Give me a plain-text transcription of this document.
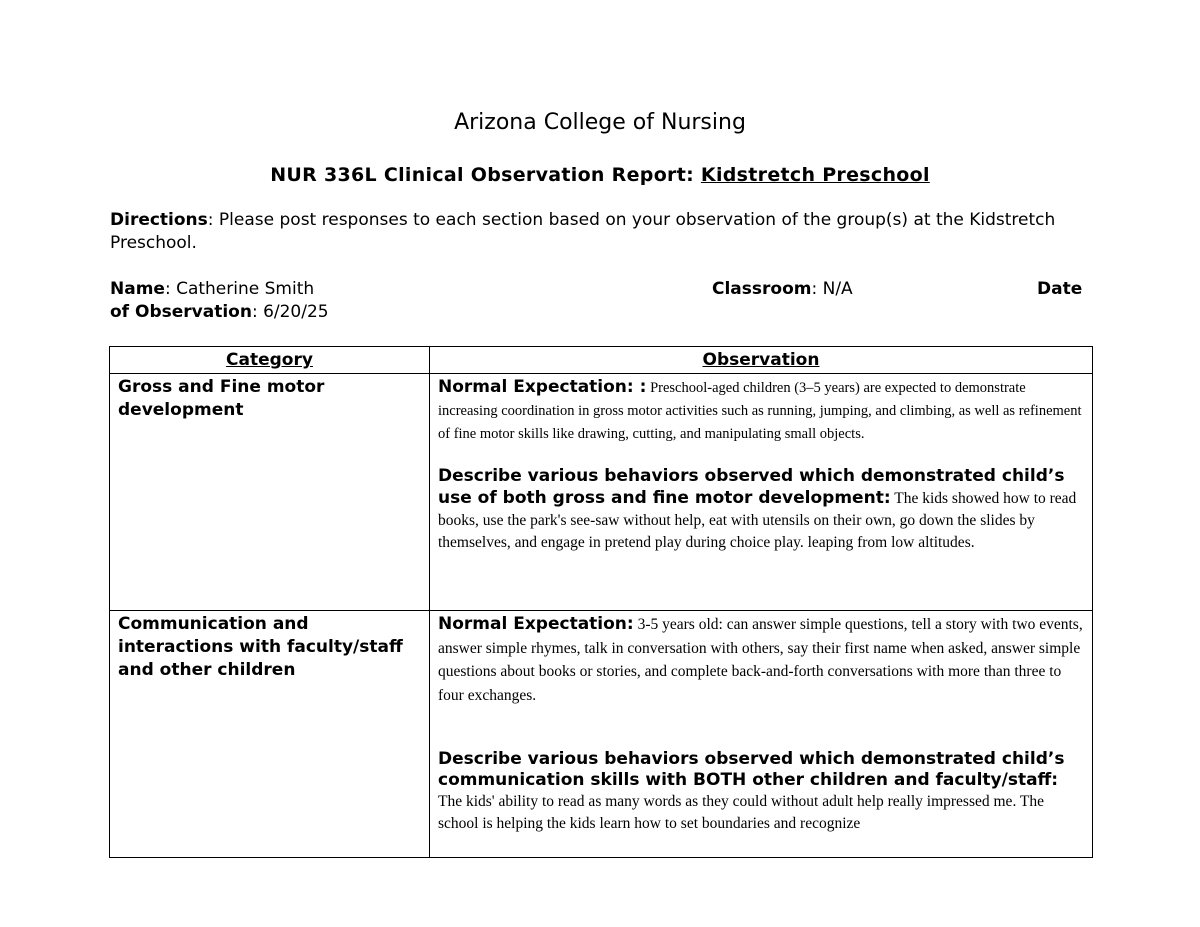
Arizona College of Nursing
NUR 336L Clinical Observation Report: Kidstretch Preschool
Directions: Please post responses to each section based on your observation of the group(s) at the Kidstretch Preschool.
Name: Catherine Smith	Classroom: N/A	Date
of Observation: 6/20/25
Category	Observation
Gross and Fine motor development	Normal Expectation: : Preschool-aged children (3–5 years) are expected to demonstrate increasing coordination in gross motor activities such as running, jumping, and climbing, as well as refinement of fine motor skills like drawing, cutting, and manipulating small objects.
Describe various behaviors observed which demonstrated child’s use of both gross and fine motor development: The kids showed how to read books, use the park's see-saw without help, eat with utensils on their own, go down the slides by themselves, and engage in pretend play during choice play. leaping from low altitudes.

Communication and interactions with faculty/staff and other children	Normal Expectation: 3-5 years old: can answer simple questions, tell a story with two events, answer simple rhymes, talk in conversation with others, say their first name when asked, answer simple questions about books or stories, and complete back-and-forth conversations with more than three to four exchanges.
Describe various behaviors observed which demonstrated child’s communication skills with BOTH other children and faculty/staff:
The kids' ability to read as many words as they could without adult help really impressed me. The school is helping the kids learn how to set boundaries and recognize
